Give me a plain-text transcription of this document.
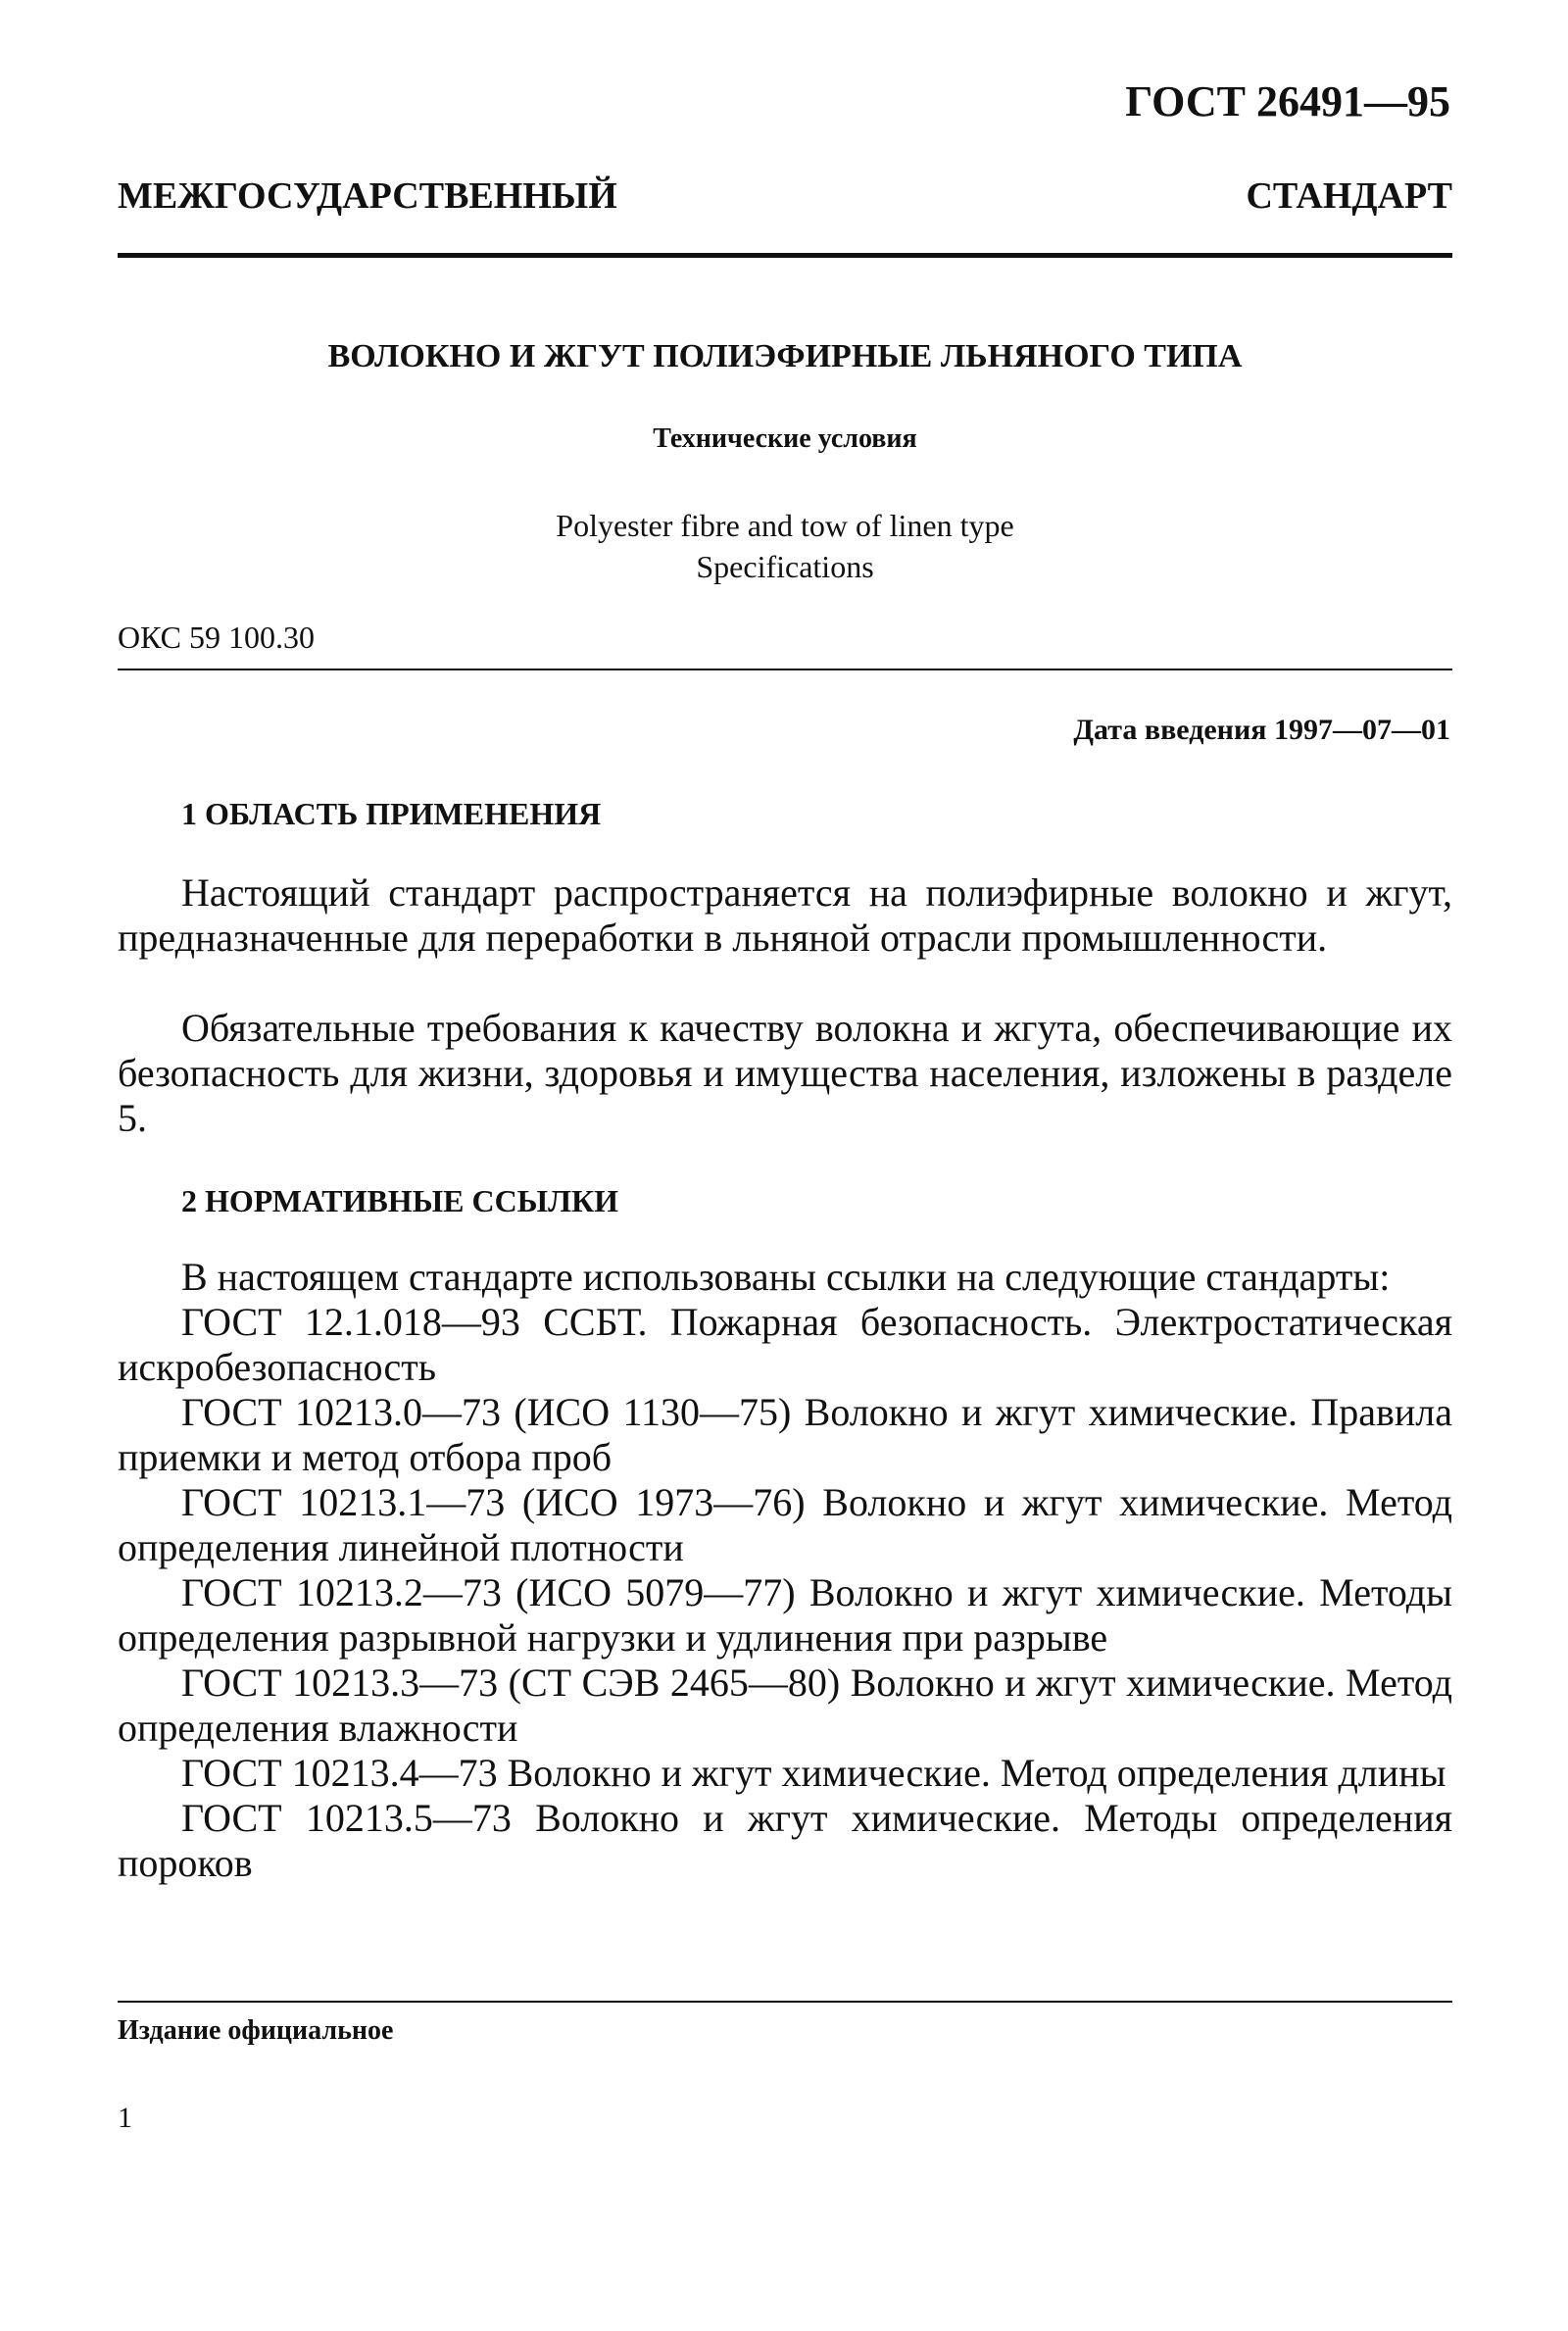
ГОСТ 26491—95
МЕЖГОСУДАРСТВЕННЫЙ СТАНДАРТ
ВОЛОКНО И ЖГУТ ПОЛИЭФИРНЫЕ ЛЬНЯНОГО ТИПА
Технические условия
Polyester fibre and tow of linen type
Specifications
ОКС 59 100.30
Дата введения 1997—07—01
1 ОБЛАСТЬ ПРИМЕНЕНИЯ

Настоящий стандарт распространяется на полиэфирные волокно и жгут, предназначенные для переработки в льняной отрасли промышленности.

Обязательные требования к качеству волокна и жгута, обеспечивающие их безопасность для жизни, здоровья и имущества населения, изложены в разделе 5.

2 НОРМАТИВНЫЕ ССЫЛКИ

В настоящем стандарте использованы ссылки на следующие стандарты:

ГОСТ 12.1.018—93 ССБТ. Пожарная безопасность. Электростатическая искробезопасность

ГОСТ 10213.0—73 (ИСО 1130—75) Волокно и жгут химические. Правила приемки и метод отбора проб

ГОСТ 10213.1—73 (ИСО 1973—76) Волокно и жгут химические. Метод определения линейной плотности

ГОСТ 10213.2—73 (ИСО 5079—77) Волокно и жгут химические. Методы определения разрывной нагрузки и удлинения при разрыве

ГОСТ 10213.3—73 (СТ СЭВ 2465—80) Волокно и жгут химические. Метод определения влажности

ГОСТ 10213.4—73 Волокно и жгут химические. Метод определения длины

ГОСТ 10213.5—73 Волокно и жгут химические. Методы определения пороков

Издание официальное
1
